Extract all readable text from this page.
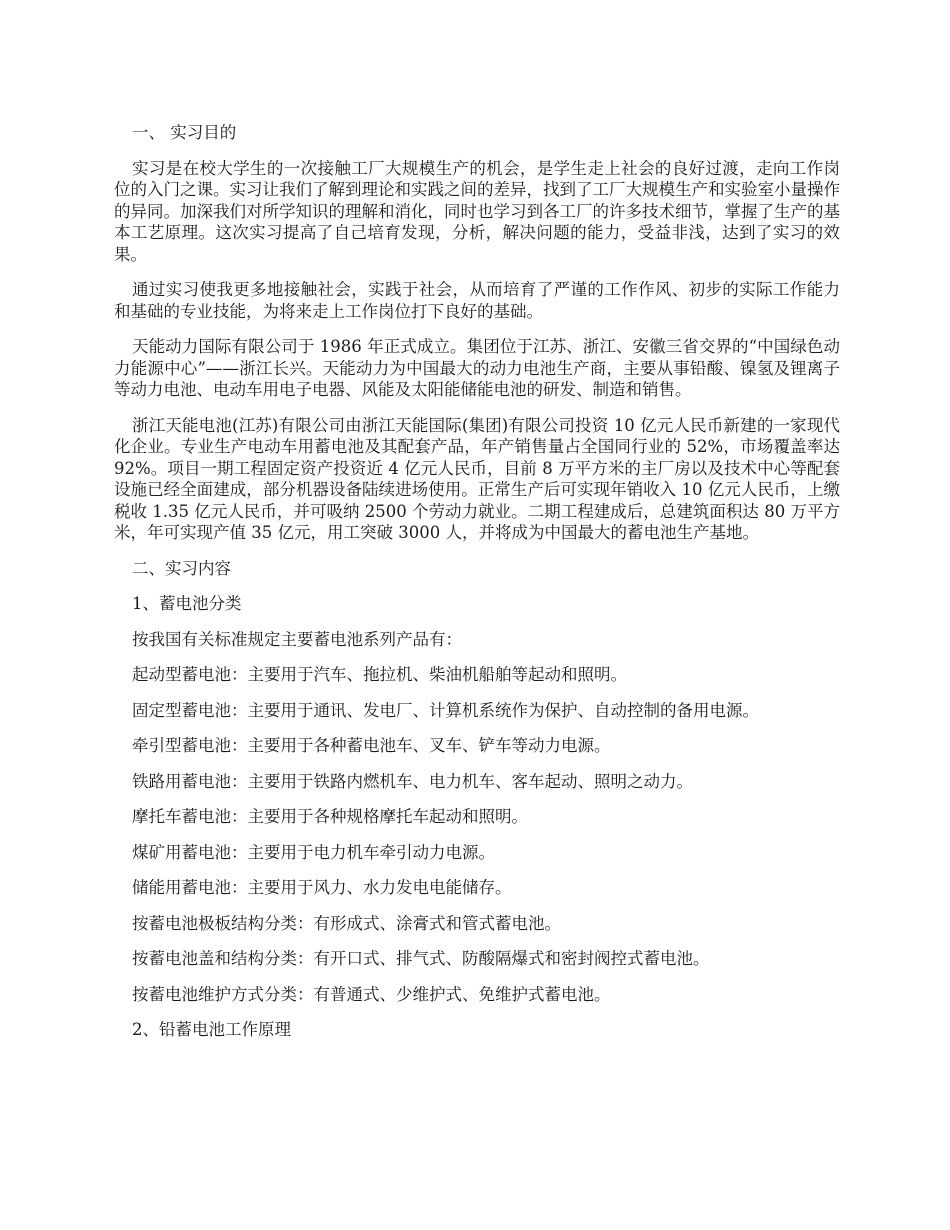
一、 实习目的

实习是在校大学生的一次接触工厂大规模生产的机会，是学生走上社会的良好过渡，走向工作岗位的入门之课。实习让我们了解到理论和实践之间的差异，找到了工厂大规模生产和实验室小量操作的异同。加深我们对所学知识的理解和消化，同时也学习到各工厂的许多技术细节，掌握了生产的基本工艺原理。这次实习提高了自己培育发现，分析，解决问题的能力，受益非浅，达到了实习的效果。

通过实习使我更多地接触社会，实践于社会，从而培育了严谨的工作作风、初步的实际工作能力和基础的专业技能，为将来走上工作岗位打下良好的基础。

天能动力国际有限公司于 1986 年正式成立。集团位于江苏、浙江、安徽三省交界的“中国绿色动力能源中心”——浙江长兴。天能动力为中国最大的动力电池生产商，主要从事铅酸、镍氢及锂离子等动力电池、电动车用电子电器、风能及太阳能储能电池的研发、制造和销售。

浙江天能电池(江苏)有限公司由浙江天能国际(集团)有限公司投资 10 亿元人民币新建的一家现代化企业。专业生产电动车用蓄电池及其配套产品，年产销售量占全国同行业的 52%，市场覆盖率达 92%。项目一期工程固定资产投资近 4 亿元人民币，目前 8 万平方米的主厂房以及技术中心等配套设施已经全面建成，部分机器设备陆续进场使用。正常生产后可实现年销收入 10 亿元人民币，上缴税收 1.35 亿元人民币，并可吸纳 2500 个劳动力就业。二期工程建成后，总建筑面积达 80 万平方米，年可实现产值 35 亿元，用工突破 3000 人，并将成为中国最大的蓄电池生产基地。

二、实习内容

1、蓄电池分类

按我国有关标准规定主要蓄电池系列产品有：

起动型蓄电池：主要用于汽车、拖拉机、柴油机船舶等起动和照明。

固定型蓄电池：主要用于通讯、发电厂、计算机系统作为保护、自动控制的备用电源。

牵引型蓄电池：主要用于各种蓄电池车、叉车、铲车等动力电源。

铁路用蓄电池：主要用于铁路内燃机车、电力机车、客车起动、照明之动力。

摩托车蓄电池：主要用于各种规格摩托车起动和照明。

煤矿用蓄电池：主要用于电力机车牵引动力电源。

储能用蓄电池：主要用于风力、水力发电电能储存。

按蓄电池极板结构分类：有形成式、涂膏式和管式蓄电池。

按蓄电池盖和结构分类：有开口式、排气式、防酸隔爆式和密封阀控式蓄电池。

按蓄电池维护方式分类：有普通式、少维护式、免维护式蓄电池。

2、铅蓄电池工作原理
